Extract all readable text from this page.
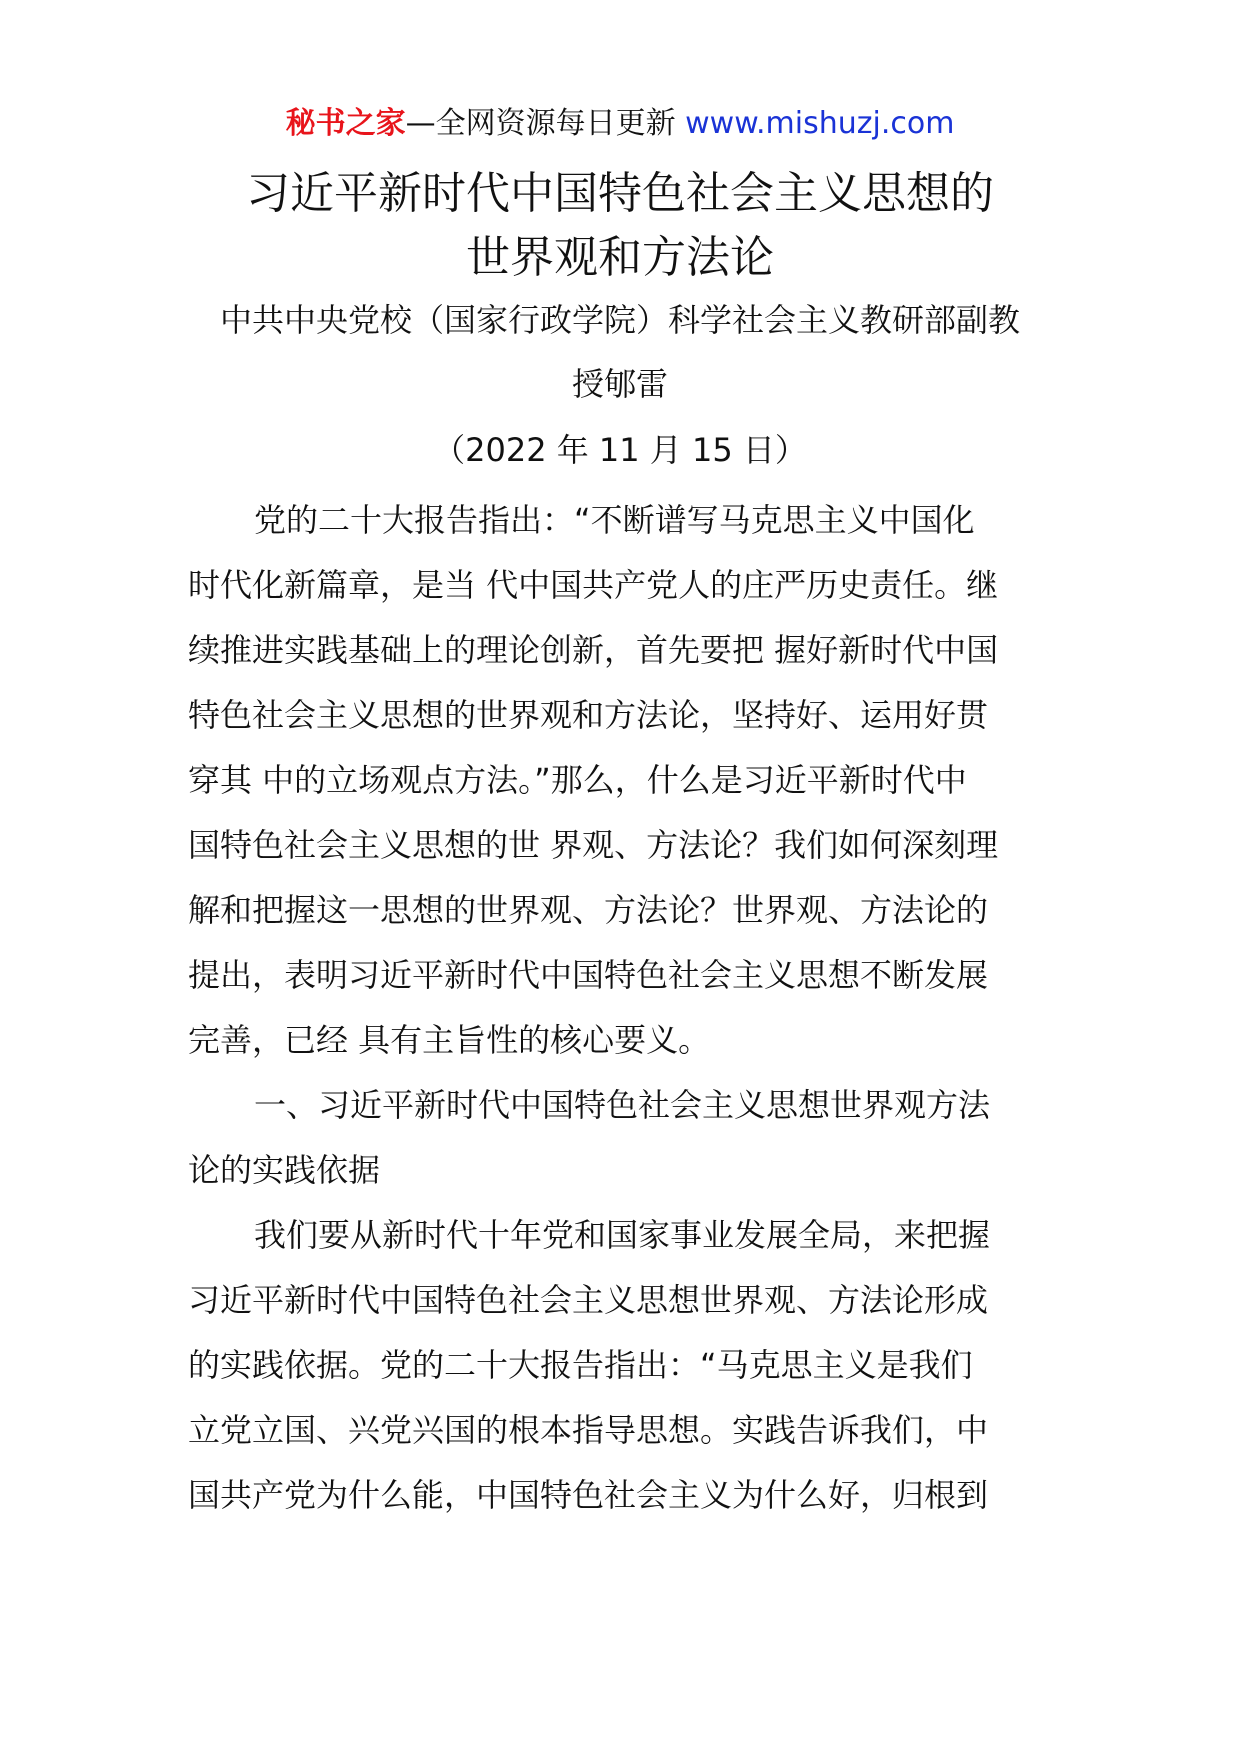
秘书之家—全网资源每日更新 www.mishuzj.com
习近平新时代中国特色社会主义思想的
世界观和方法论
中共中央党校（国家行政学院）科学社会主义教研部副教
授郇雷
（2022 年 11 月 15 日）
党的二十大报告指出：“不断谱写马克思主义中国化
时代化新篇章，是当 代中国共产党人的庄严历史责任。继
续推进实践基础上的理论创新，首先要把 握好新时代中国
特色社会主义思想的世界观和方法论，坚持好、运用好贯
穿其 中的立场观点方法。”那么，什么是习近平新时代中
国特色社会主义思想的世 界观、方法论？我们如何深刻理
解和把握这一思想的世界观、方法论？世界观、方法论的
提出，表明习近平新时代中国特色社会主义思想不断发展
完善，已经 具有主旨性的核心要义。
一、习近平新时代中国特色社会主义思想世界观方法
论的实践依据
我们要从新时代十年党和国家事业发展全局，来把握
习近平新时代中国特色社会主义思想世界观、方法论形成
的实践依据。党的二十大报告指出：“马克思主义是我们
立党立国、兴党兴国的根本指导思想。实践告诉我们，中
国共产党为什么能，中国特色社会主义为什么好，归根到
